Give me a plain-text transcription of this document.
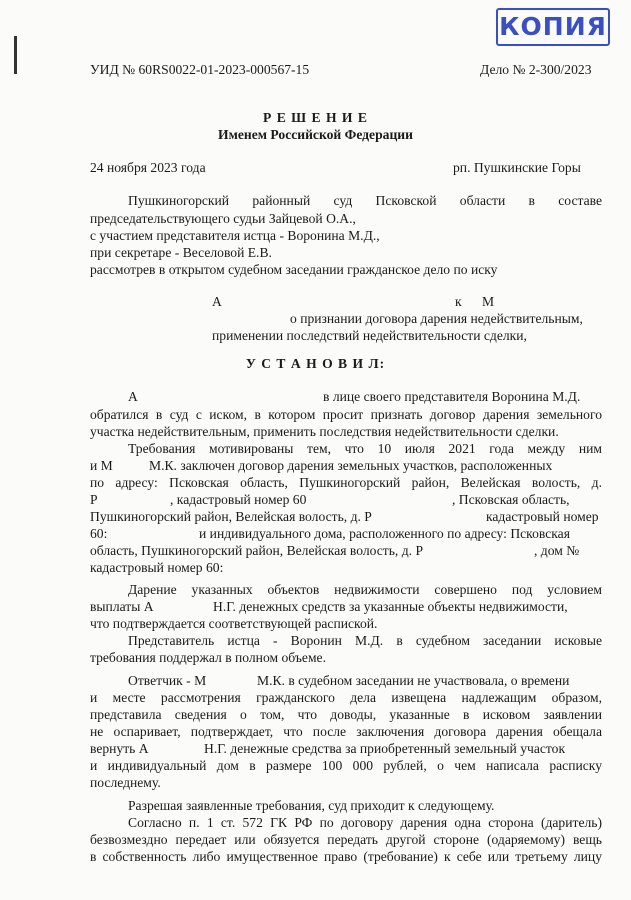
КОПИЯ
УИД № 60RS0022-01-2023-000567-15	Дело № 2-300/2023
Р Е Ш Е Н И Е
Именем Российской Федерации
24 ноября 2023 года	рп. Пушкинские Горы
Пушкиногорский районный суд Псковской области в составе
председательствующего судьи Зайцевой О.А.,
с участием представителя истца - Воронина М.Д.,
при секретаре - Веселовой Е.В.
рассмотрев в открытом судебном заседании гражданское дело по иску
А	к М
о признании договора дарения недействительным,
применении последствий недействительности сделки,
У С Т А Н О В И Л:
А	в лице своего представителя Воронина М.Д.
обратился в суд с иском, в котором просит признать договор дарения земельного
участка недействительным, применить последствия недействительности сделки.
Требования мотивированы тем, что 10 июля 2021 года между ним
и М	М.К. заключен договор дарения земельных участков, расположенных
по адресу: Псковская область, Пушкиногорский район, Велейская волость, д.
Р	, кадастровый номер 60	, Псковская область,
Пушкиногорский район, Велейская волость, д. Р	кадастровый номер
60:	и индивидуального дома, расположенного по адресу: Псковская
область, Пушкиногорский район, Велейская волость, д. Р	, дом №
кадастровый номер 60:
Дарение указанных объектов недвижимости совершено под условием
выплаты А	Н.Г. денежных средств за указанные объекты недвижимости,
что подтверждается соответствующей распиской.
Представитель истца - Воронин М.Д. в судебном заседании исковые
требования поддержал в полном объеме.
Ответчик - М	М.К. в судебном заседании не участвовала, о времени
и месте рассмотрения гражданского дела извещена надлежащим образом,
представила сведения о том, что доводы, указанные в исковом заявлении
не оспаривает, подтверждает, что после заключения договора дарения обещала
вернуть А	Н.Г. денежные средства за приобретенный земельный участок
и индивидуальный дом в размере 100 000 рублей, о чем написала расписку
последнему.
Разрешая заявленные требования, суд приходит к следующему.
Согласно п. 1 ст. 572 ГК РФ по договору дарения одна сторона (даритель)
безвозмездно передает или обязуется передать другой стороне (одаряемому) вещь
в собственность либо имущественное право (требование) к себе или третьему лицу
